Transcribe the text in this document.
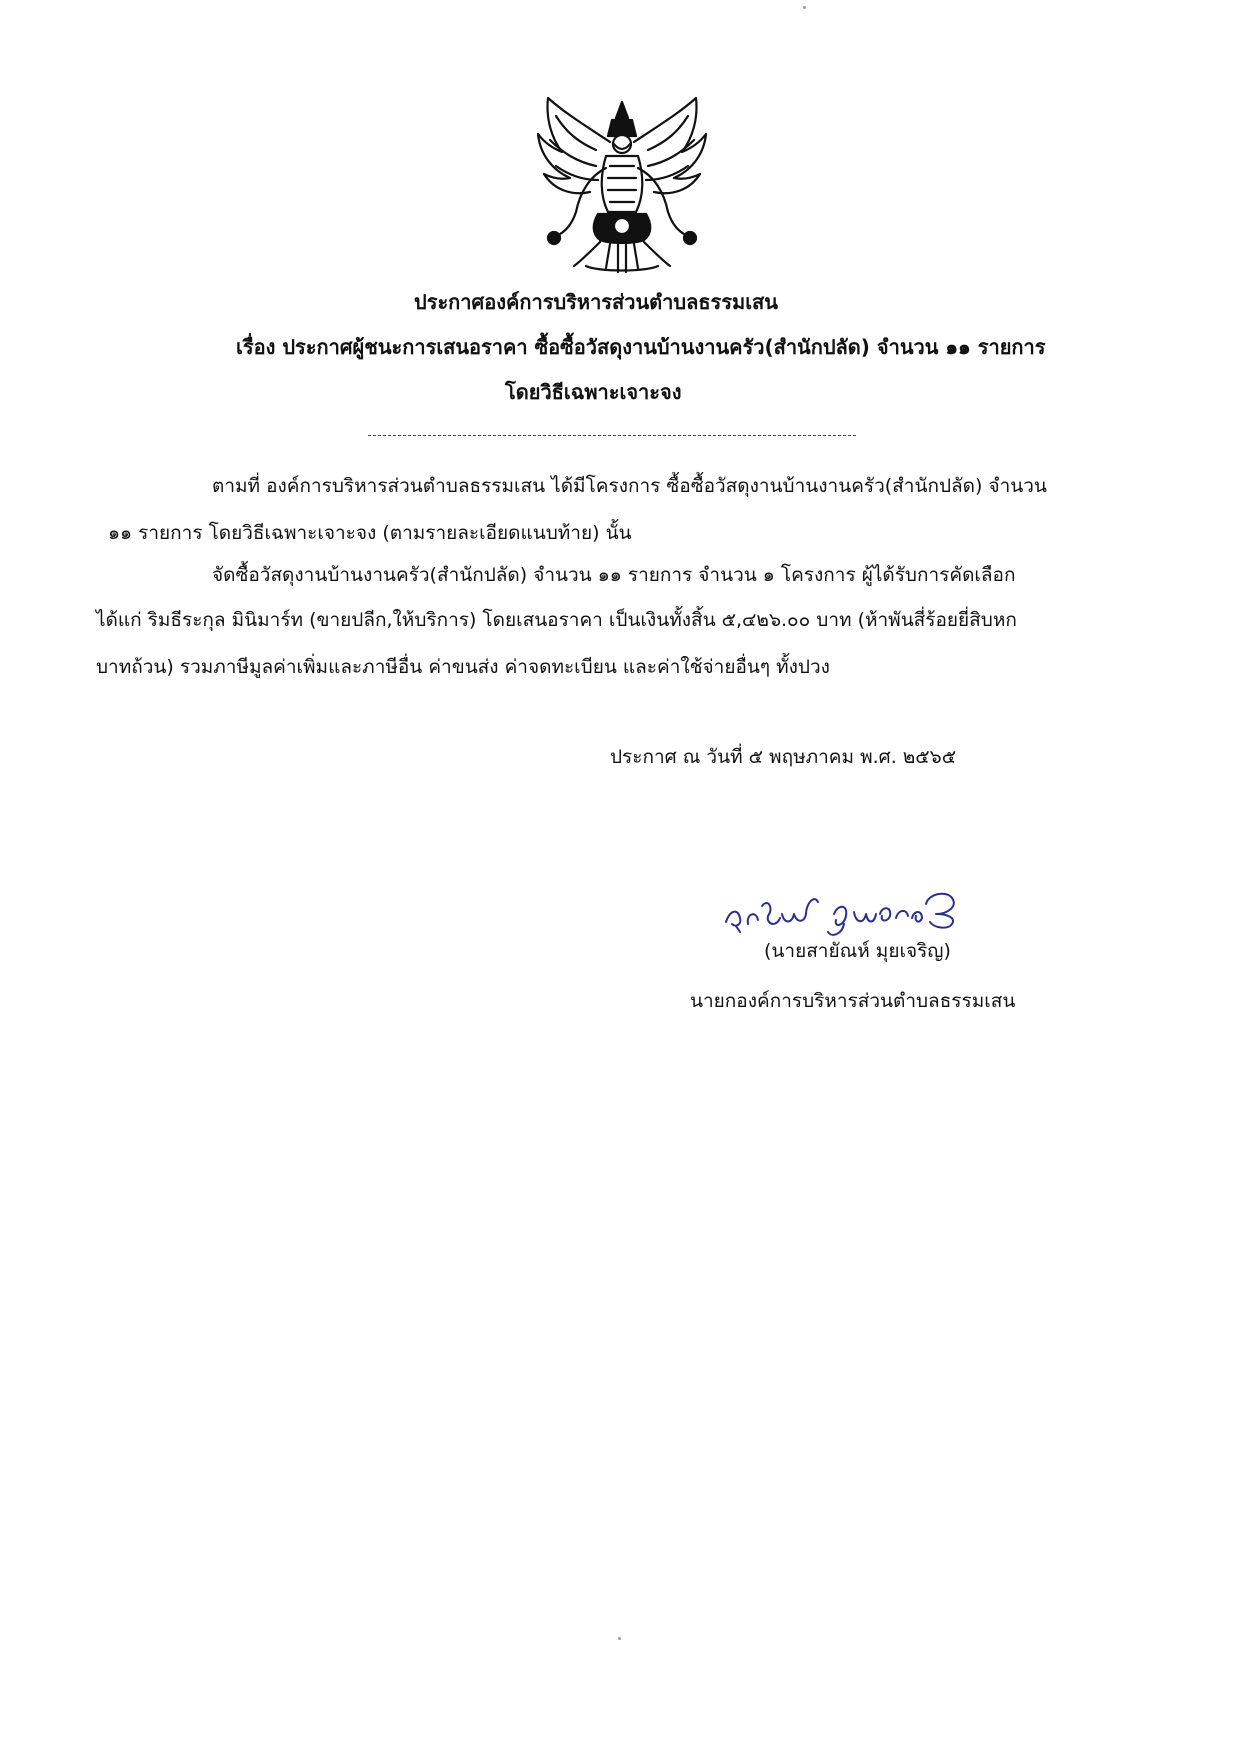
ประกาศองค์การบริหารส่วนตำบลธรรมเสน
เรื่อง ประกาศผู้ชนะการเสนอราคา ซื้อซื้อวัสดุงานบ้านงานครัว(สำนักปลัด) จำนวน ๑๑ รายการ
โดยวิธีเฉพาะเจาะจง
ตามที่ องค์การบริหารส่วนตำบลธรรมเสน ได้มีโครงการ ซื้อซื้อวัสดุงานบ้านงานครัว(สำนักปลัด) จำนวน
๑๑ รายการ โดยวิธีเฉพาะเจาะจง (ตามรายละเอียดแนบท้าย) นั้น
จัดซื้อวัสดุงานบ้านงานครัว(สำนักปลัด) จำนวน ๑๑ รายการ จำนวน ๑ โครงการ ผู้ได้รับการคัดเลือก
ได้แก่ ริมธีระกุล มินิมาร์ท (ขายปลีก,ให้บริการ) โดยเสนอราคา เป็นเงินทั้งสิ้น ๕,๔๒๖.๐๐ บาท (ห้าพันสี่ร้อยยี่สิบหก
บาทถ้วน) รวมภาษีมูลค่าเพิ่มและภาษีอื่น ค่าขนส่ง ค่าจดทะเบียน และค่าใช้จ่ายอื่นๆ ทั้งปวง
ประกาศ ณ วันที่ ๕ พฤษภาคม พ.ศ. ๒๕๖๕
(นายสายัณห์ มุยเจริญ)
นายกองค์การบริหารส่วนตำบลธรรมเสน
